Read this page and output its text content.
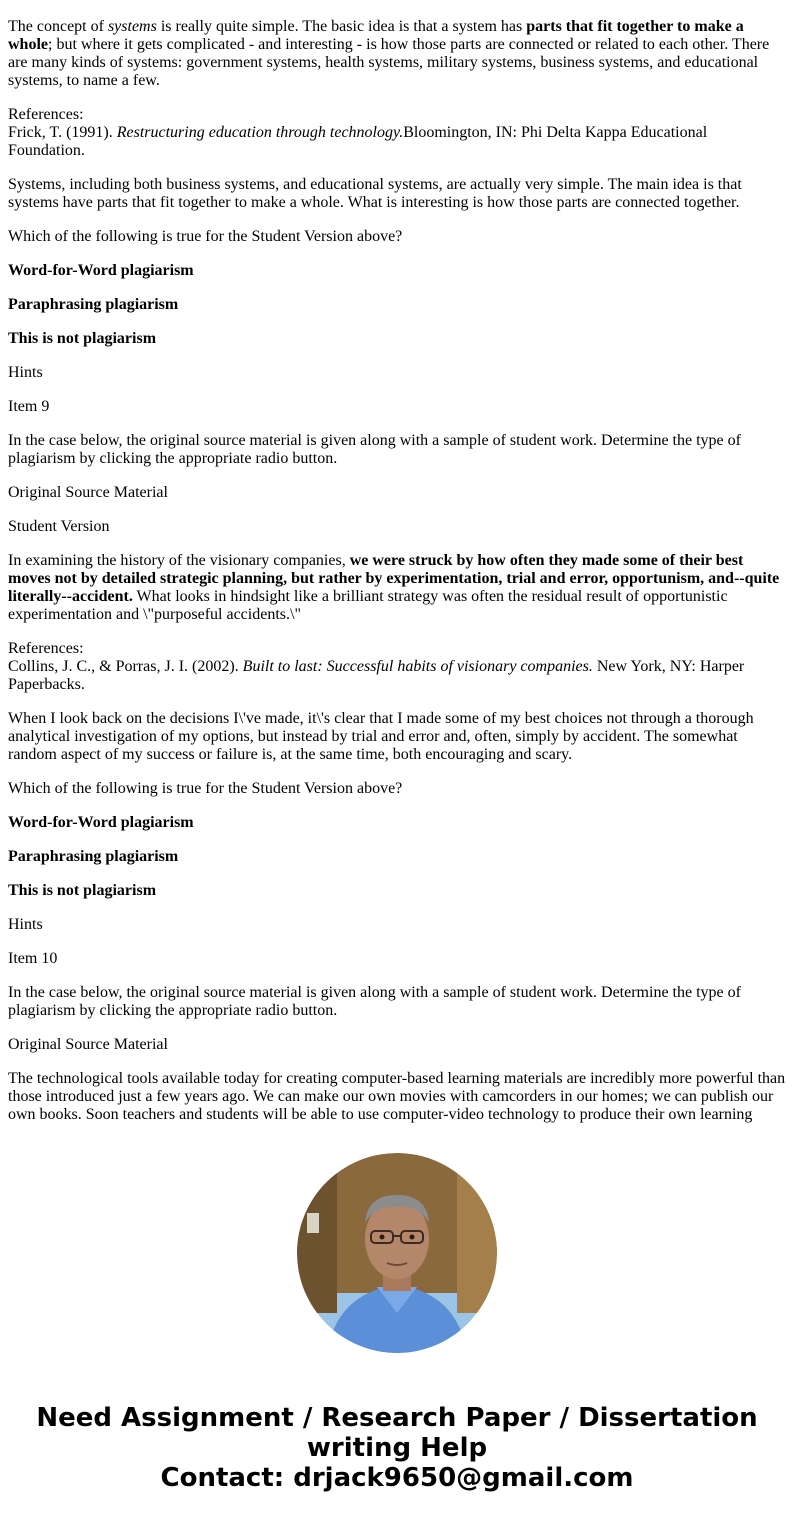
The concept of systems is really quite simple. The basic idea is that a system has parts that fit together to make a whole; but where it gets complicated - and interesting - is how those parts are connected or related to each other. There are many kinds of systems: government systems, health systems, military systems, business systems, and educational systems, to name a few.

References:

Frick, T. (1991). Restructuring education through technology.Bloomington, IN: Phi Delta Kappa Educational Foundation.

Systems, including both business systems, and educational systems, are actually very simple. The main idea is that systems have parts that fit together to make a whole. What is interesting is how those parts are connected together.

Which of the following is true for the Student Version above?

Word-for-Word plagiarism

Paraphrasing plagiarism

This is not plagiarism

Hints

Item 9

In the case below, the original source material is given along with a sample of student work. Determine the type of plagiarism by clicking the appropriate radio button.

Original Source Material

Student Version

In examining the history of the visionary companies, we were struck by how often they made some of their best moves not by detailed strategic planning, but rather by experimentation, trial and error, opportunism, and--quite literally--accident. What looks in hindsight like a brilliant strategy was often the residual result of opportunistic experimentation and \"purposeful accidents.\"

References:

Collins, J. C., & Porras, J. I. (2002). Built to last: Successful habits of visionary companies. New York, NY: Harper Paperbacks.

When I look back on the decisions I\'ve made, it\'s clear that I made some of my best choices not through a thorough analytical investigation of my options, but instead by trial and error and, often, simply by accident. The somewhat random aspect of my success or failure is, at the same time, both encouraging and scary.

Which of the following is true for the Student Version above?

Word-for-Word plagiarism

Paraphrasing plagiarism

This is not plagiarism

Hints

Item 10

In the case below, the original source material is given along with a sample of student work. Determine the type of plagiarism by clicking the appropriate radio button.

Original Source Material

The technological tools available today for creating computer-based learning materials are incredibly more powerful than those introduced just a few years ago. We can make our own movies with camcorders in our homes; we can publish our own books. Soon teachers and students will be able to use computer-video technology to produce their own learning

Need Assignment / Research Paper / Dissertation
writing Help
Contact: drjack9650@gmail.com
